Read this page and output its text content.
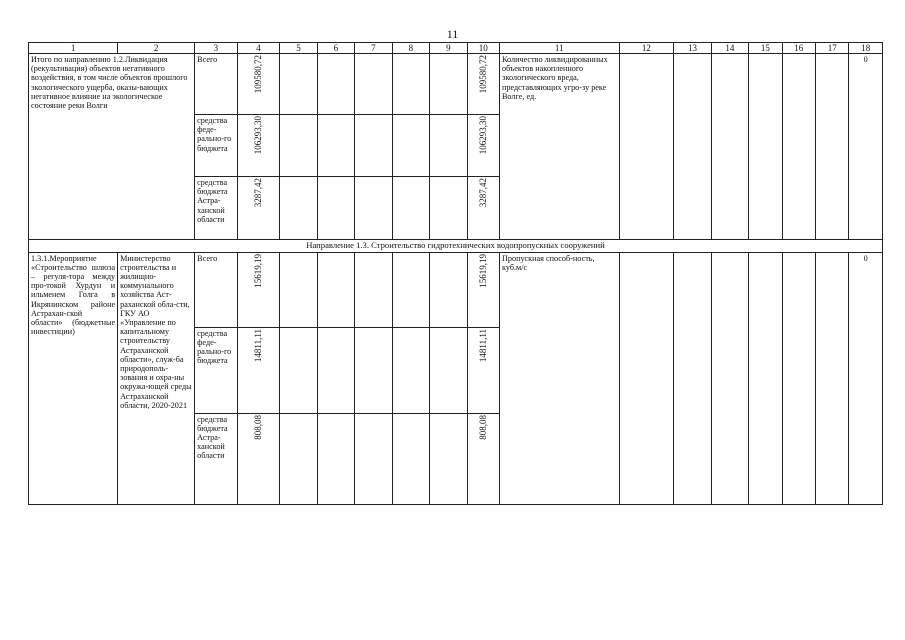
11
1	2	3	4	5	6	7	8	9	10	11	12	13	14	15	16	17	18
Итого по направлению 1.2.Ликвидация (рекультивация) объектов негативного воздействия, в том числе объектов прошлого экологического ущерба, оказы-вающих негативное влияние на экологическое состояние реки Волги		Всего	109580,72						109580,72	Количество ликвидированных объектов накопленного экологического вреда, представляющих угро-зу реке Волге, ед.							0
		средства феде-рально-го бюджета	106293,30						106293,30								
		средства бюджета Астра-ханской области	3287,42						3287,42								
Направление 1.3. Строительство гидротехнических водопропускных сооружений																	
1.3.1.Мероприятие «Строительство шлюза – регуля-тора между про-токой Хурдун и ильменем Голга в Икрянинском районе Астрахан-ской области» (бюджетные инвестиции)	Министерство строительства и жилищно-коммунального хозяйства Аст-раханской обла-сти, ГКУ АО «Управление по капитальному строительству Астраханской области», служ-ба природополь-зования и охра-ны окружа-ющей среды Астраханской области, 2020-2021	Всего	15619,19						15619,19	Пропускная способ-ность, куб.м/с							0
		средства феде-рально-го бюджета	14811,11						14811,11								
		средства бюджета Астра-ханской области	808,08						808,08								
